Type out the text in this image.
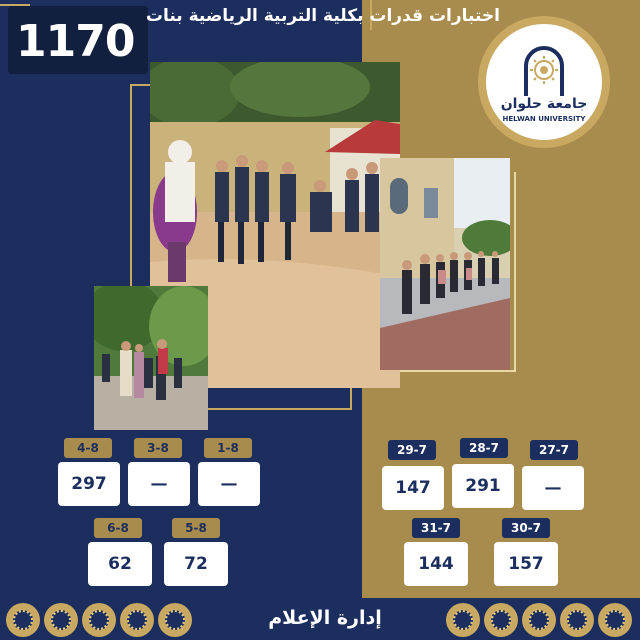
1170 اختبارات قدرات بكلية التربية الرياضية بنات
جامعة حلوان
HELWAN UNIVERSITY
4-8	3-8	1-8
297	—	—
6-8	5-8
62	72
29-7	28-7	27-7
147	291	—
31-7	30-7
144	157
إدارة الإعلام
